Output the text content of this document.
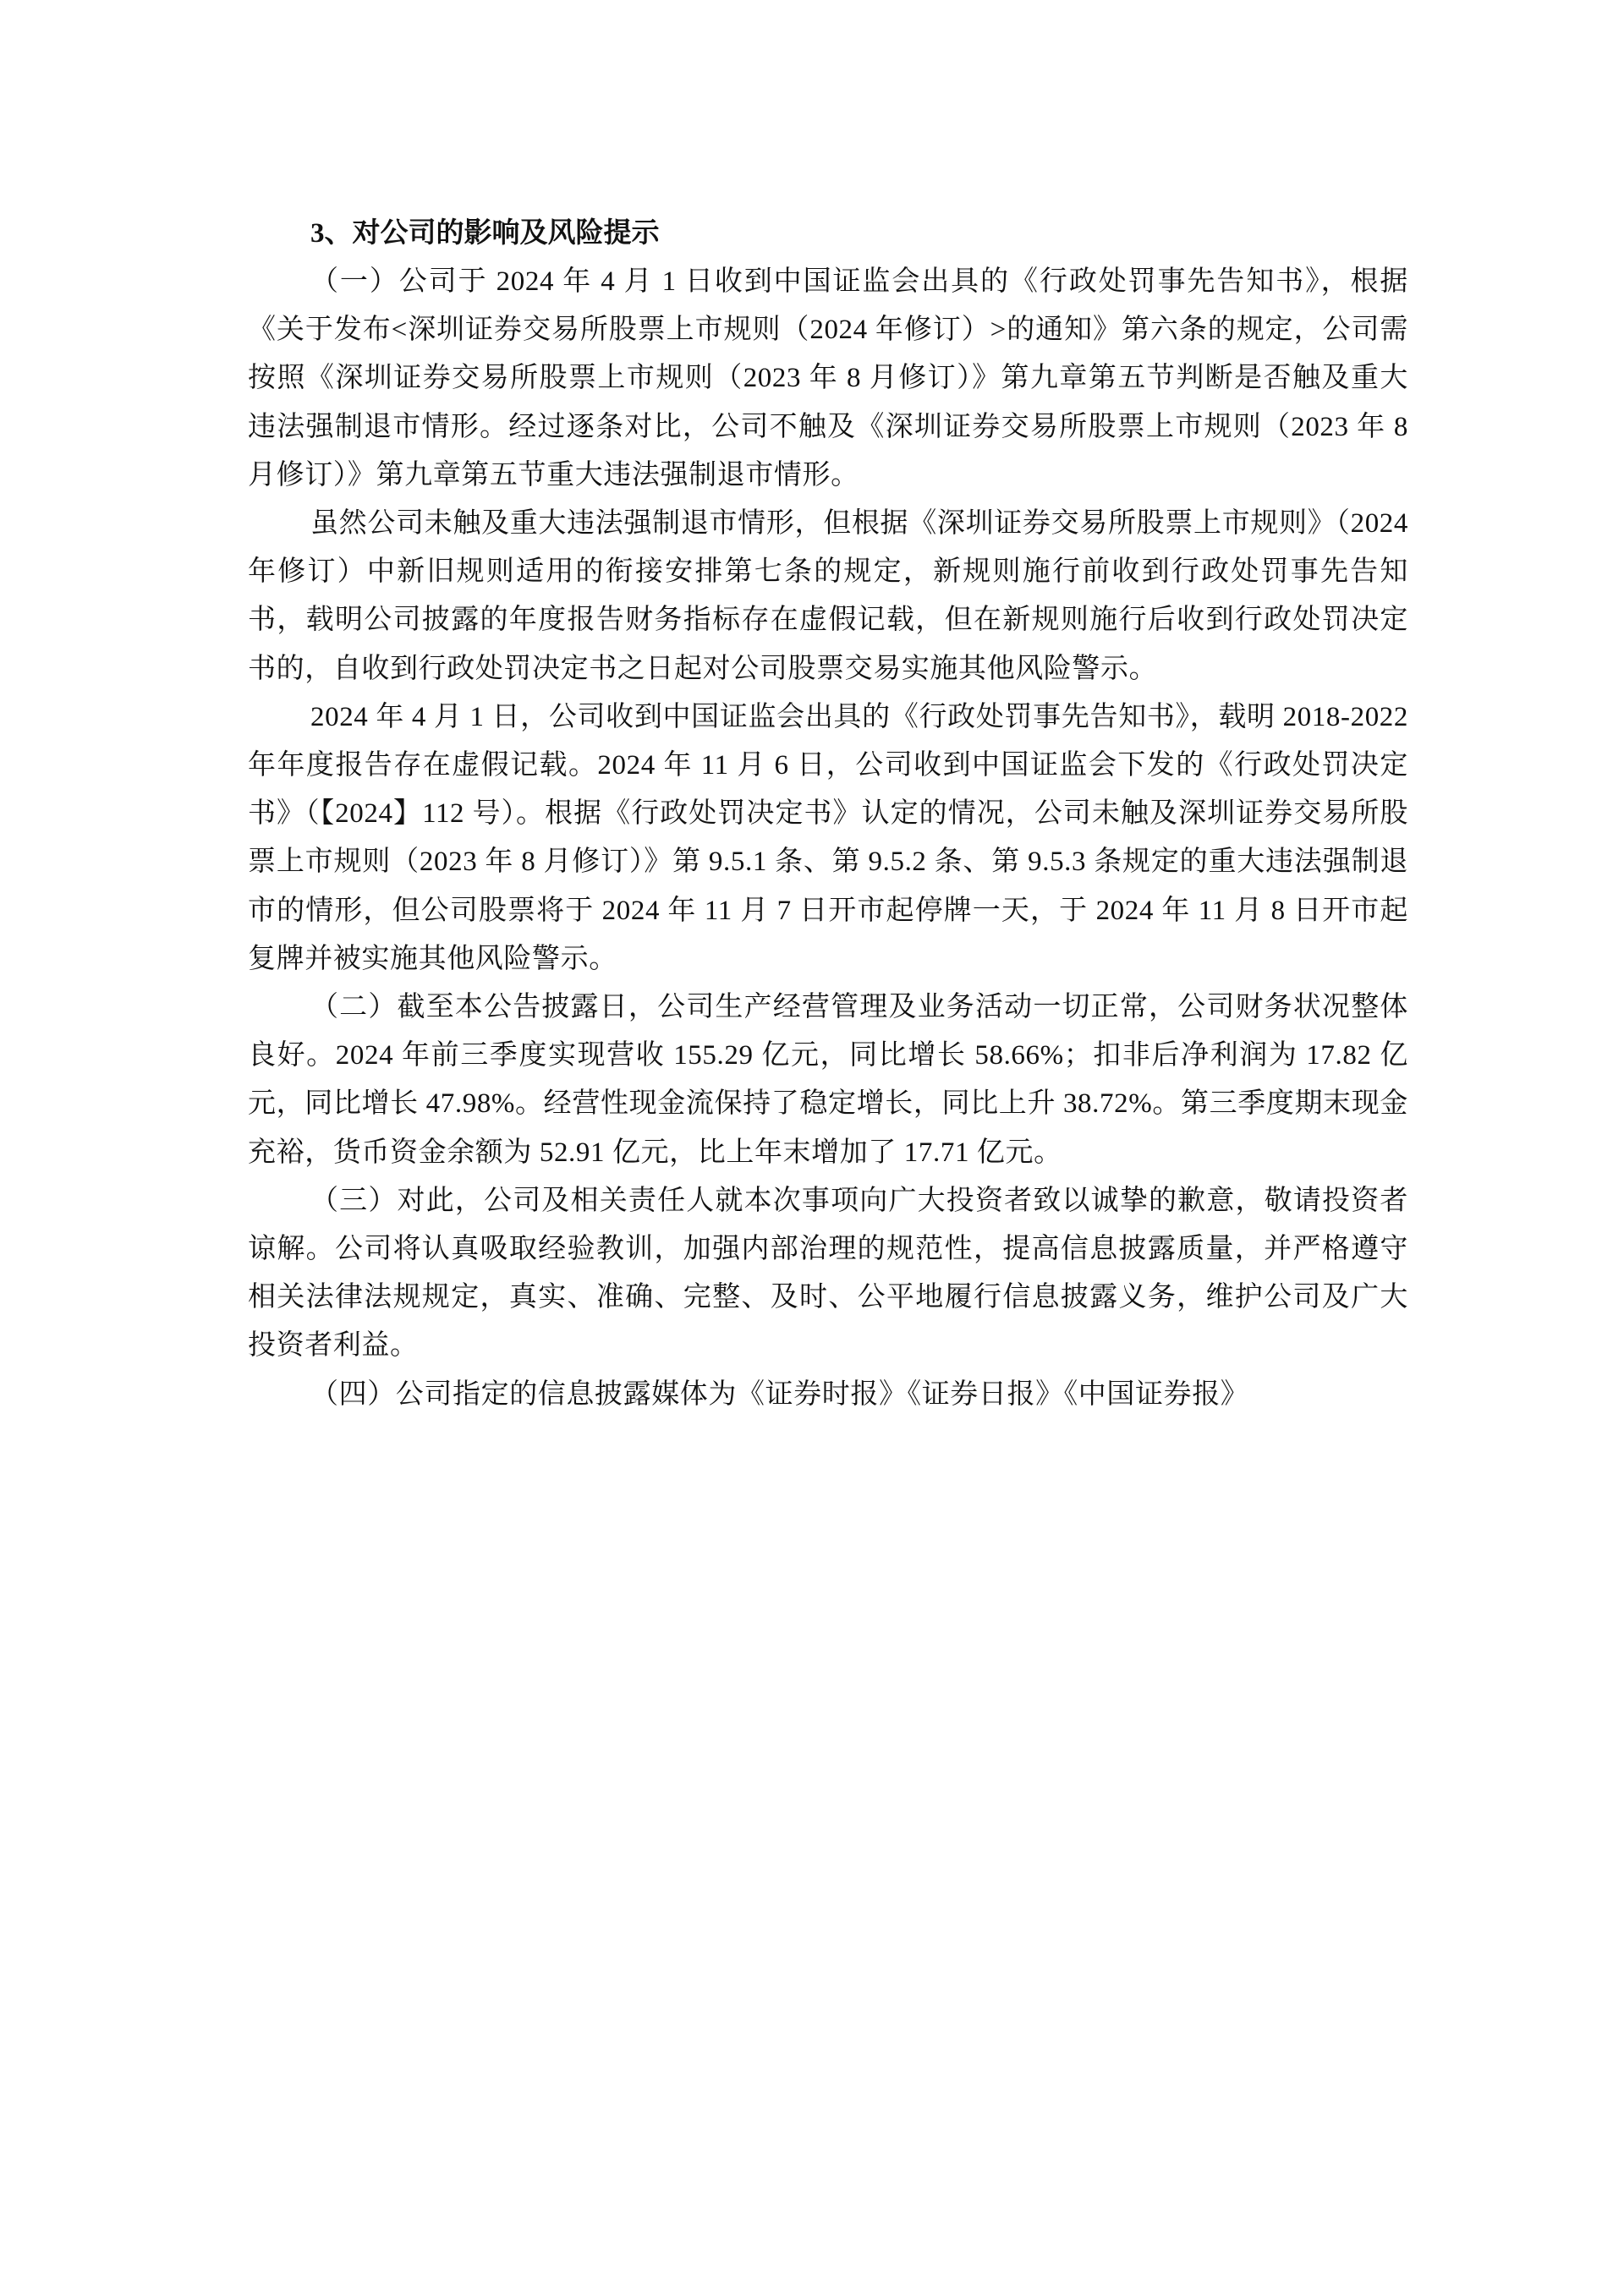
3、对公司的影响及风险提示

（一）公司于 2024 年 4 月 1 日收到中国证监会出具的《行政处罚事先告知书》，根据《关于发布<深圳证券交易所股票上市规则（2024 年修订）>的通知》第六条的规定，公司需按照《深圳证券交易所股票上市规则（2023 年 8 月修订）》第九章第五节判断是否触及重大违法强制退市情形。经过逐条对比，公司不触及《深圳证券交易所股票上市规则（2023 年 8 月修订）》第九章第五节重大违法强制退市情形。

虽然公司未触及重大违法强制退市情形，但根据《深圳证券交易所股票上市规则》（2024 年修订）中新旧规则适用的衔接安排第七条的规定，新规则施行前收到行政处罚事先告知书，载明公司披露的年度报告财务指标存在虚假记载，但在新规则施行后收到行政处罚决定书的，自收到行政处罚决定书之日起对公司股票交易实施其他风险警示。

2024 年 4 月 1 日，公司收到中国证监会出具的《行政处罚事先告知书》，载明 2018-2022 年年度报告存在虚假记载。2024 年 11 月 6 日，公司收到中国证监会下发的《行政处罚决定书》（【2024】112 号）。根据《行政处罚决定书》认定的情况，公司未触及深圳证券交易所股票上市规则（2023 年 8 月修订）》第 9.5.1 条、第 9.5.2 条、第 9.5.3 条规定的重大违法强制退市的情形，但公司股票将于 2024 年 11 月 7 日开市起停牌一天，于 2024 年 11 月 8 日开市起复牌并被实施其他风险警示。

（二）截至本公告披露日，公司生产经营管理及业务活动一切正常，公司财务状况整体良好。2024 年前三季度实现营收 155.29 亿元，同比增长 58.66%；扣非后净利润为 17.82 亿元，同比增长 47.98%。经营性现金流保持了稳定增长，同比上升 38.72%。第三季度期末现金充裕，货币资金余额为 52.91 亿元，比上年末增加了 17.71 亿元。

（三）对此，公司及相关责任人就本次事项向广大投资者致以诚挚的歉意，敬请投资者谅解。公司将认真吸取经验教训，加强内部治理的规范性，提高信息披露质量，并严格遵守相关法律法规规定，真实、准确、完整、及时、公平地履行信息披露义务，维护公司及广大投资者利益。

（四）公司指定的信息披露媒体为《证券时报》《证券日报》《中国证券报》
